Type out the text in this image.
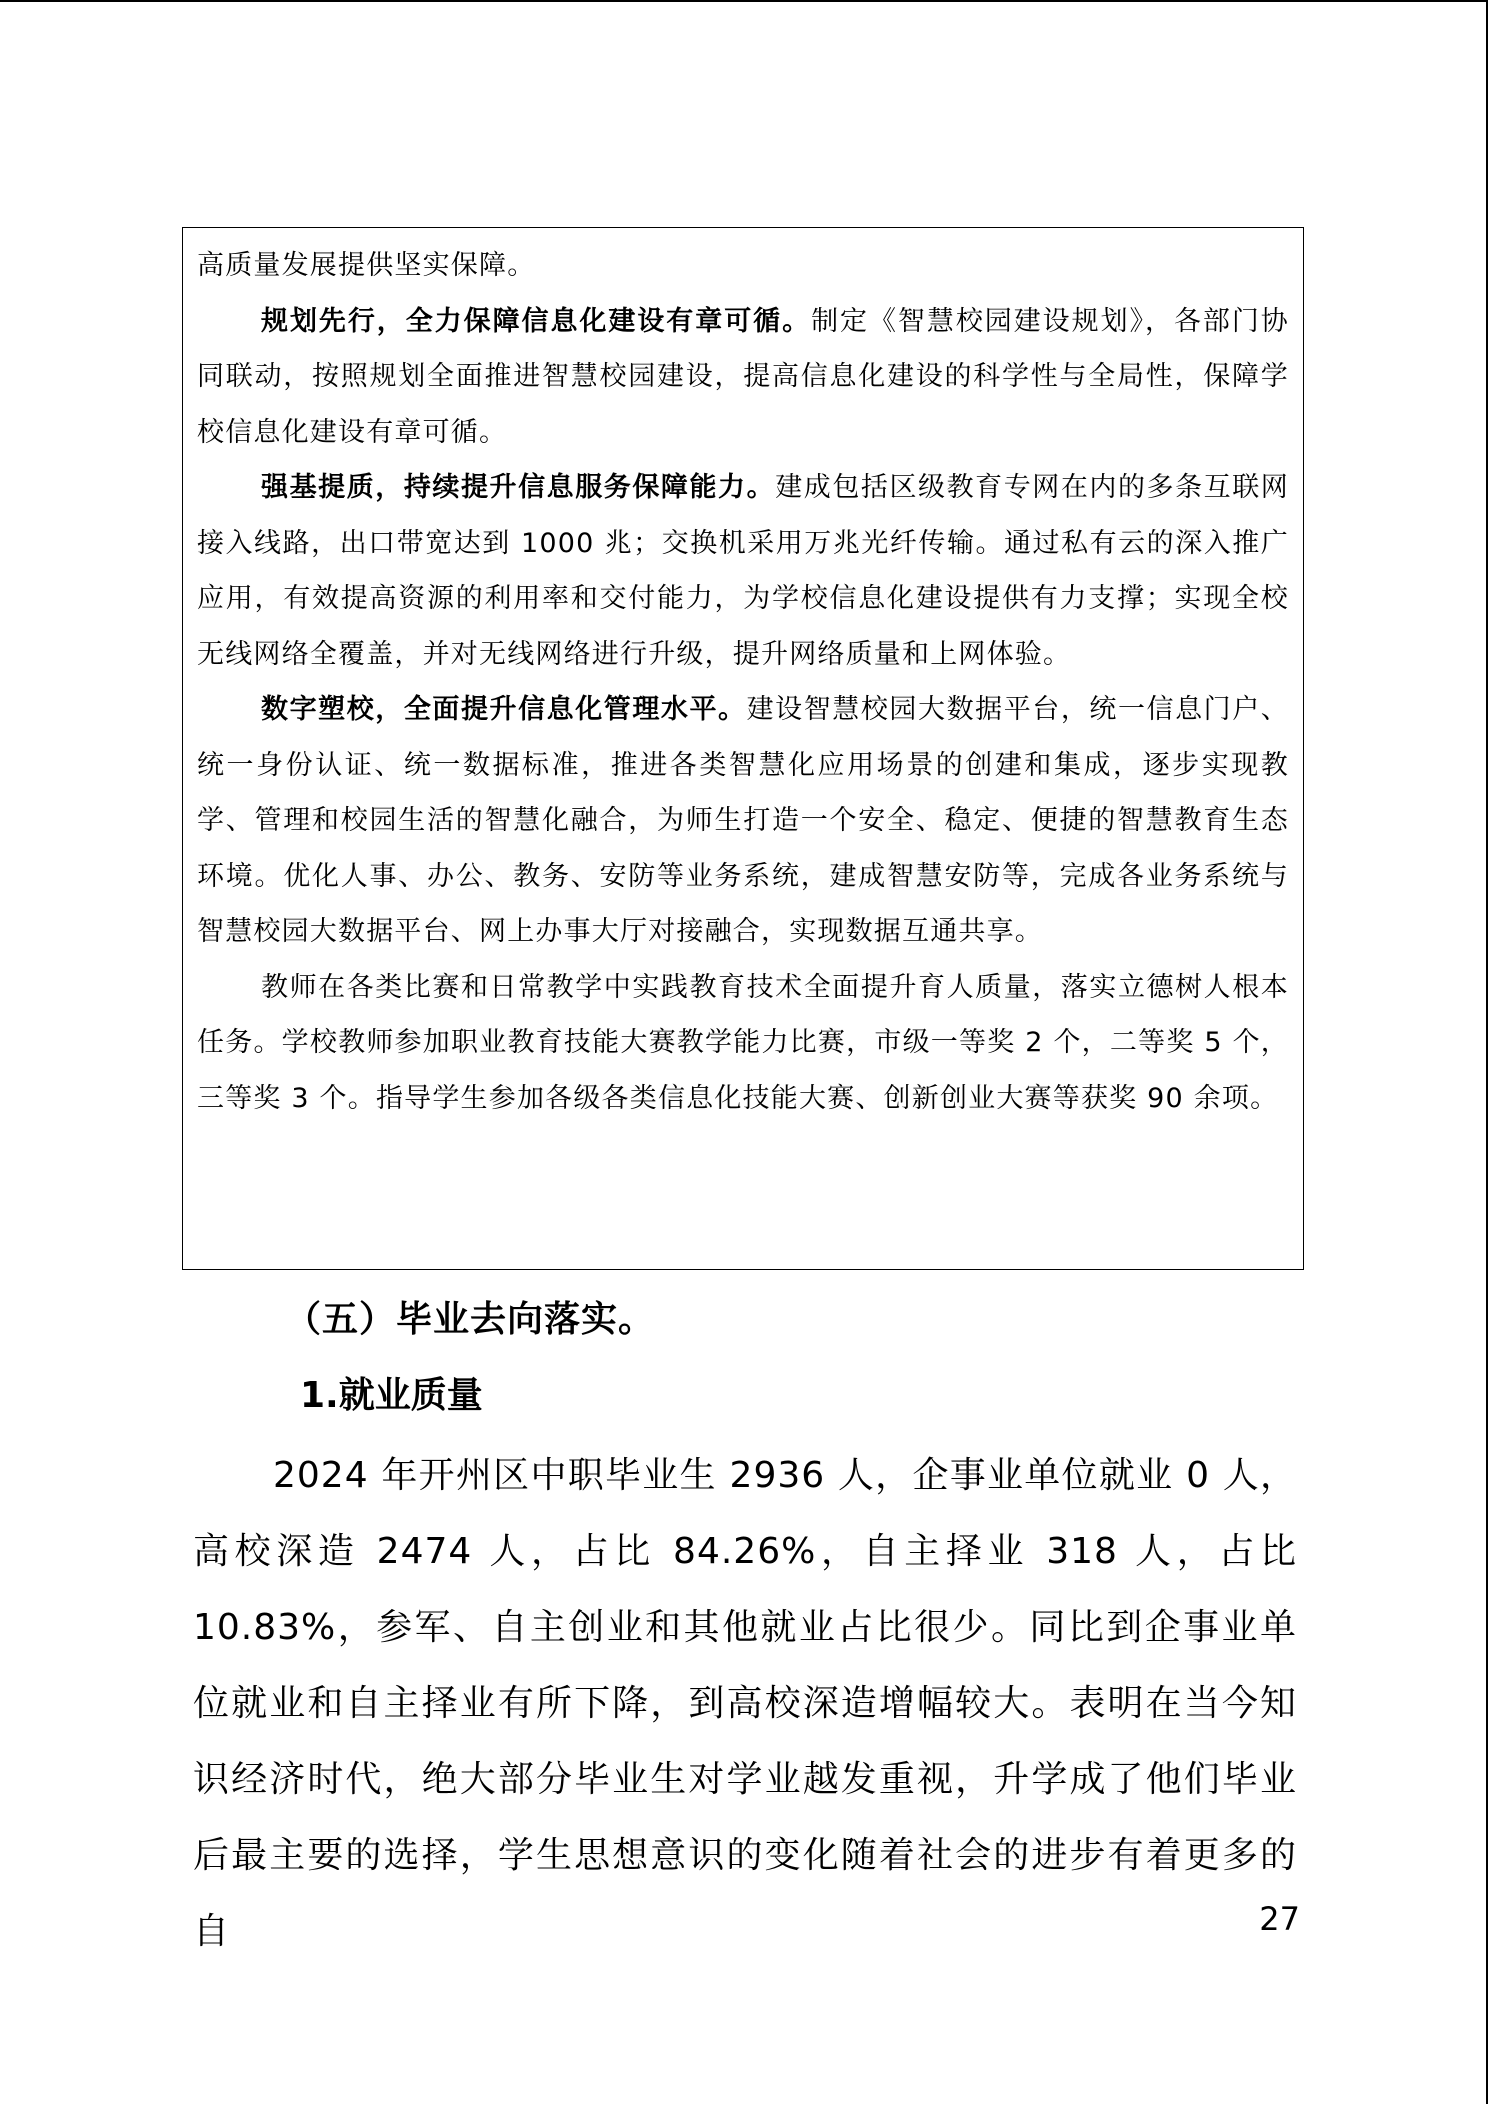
高质量发展提供坚实保障。

规划先行，全力保障信息化建设有章可循。制定《智慧校园建设规划》，各部门协同联动，按照规划全面推进智慧校园建设，提高信息化建设的科学性与全局性，保障学校信息化建设有章可循。

强基提质，持续提升信息服务保障能力。建成包括区级教育专网在内的多条互联网接入线路，出口带宽达到 1000 兆；交换机采用万兆光纤传输。通过私有云的深入推广应用，有效提高资源的利用率和交付能力，为学校信息化建设提供有力支撑；实现全校无线网络全覆盖，并对无线网络进行升级，提升网络质量和上网体验。

数字塑校，全面提升信息化管理水平。建设智慧校园大数据平台，统一信息门户、统一身份认证、统一数据标准，推进各类智慧化应用场景的创建和集成，逐步实现教学、管理和校园生活的智慧化融合，为师生打造一个安全、稳定、便捷的智慧教育生态环境。优化人事、办公、教务、安防等业务系统，建成智慧安防等，完成各业务系统与智慧校园大数据平台、网上办事大厅对接融合，实现数据互通共享。

教师在各类比赛和日常教学中实践教育技术全面提升育人质量，落实立德树人根本任务。学校教师参加职业教育技能大赛教学能力比赛，市级一等奖 2 个，二等奖 5 个，三等奖 3 个。指导学生参加各级各类信息化技能大赛、创新创业大赛等获奖 90 余项。

（五）毕业去向落实。
1.就业质量

2024 年开州区中职毕业生 2936 人，企事业单位就业 0 人，高校深造 2474 人，占比 84.26%，自主择业 318 人，占比 10.83%，参军、自主创业和其他就业占比很少。同比到企事业单位就业和自主择业有所下降，到高校深造增幅较大。表明在当今知识经济时代，绝大部分毕业生对学业越发重视，升学成了他们毕业后最主要的选择，学生思想意识的变化随着社会的进步有着更多的自	27
